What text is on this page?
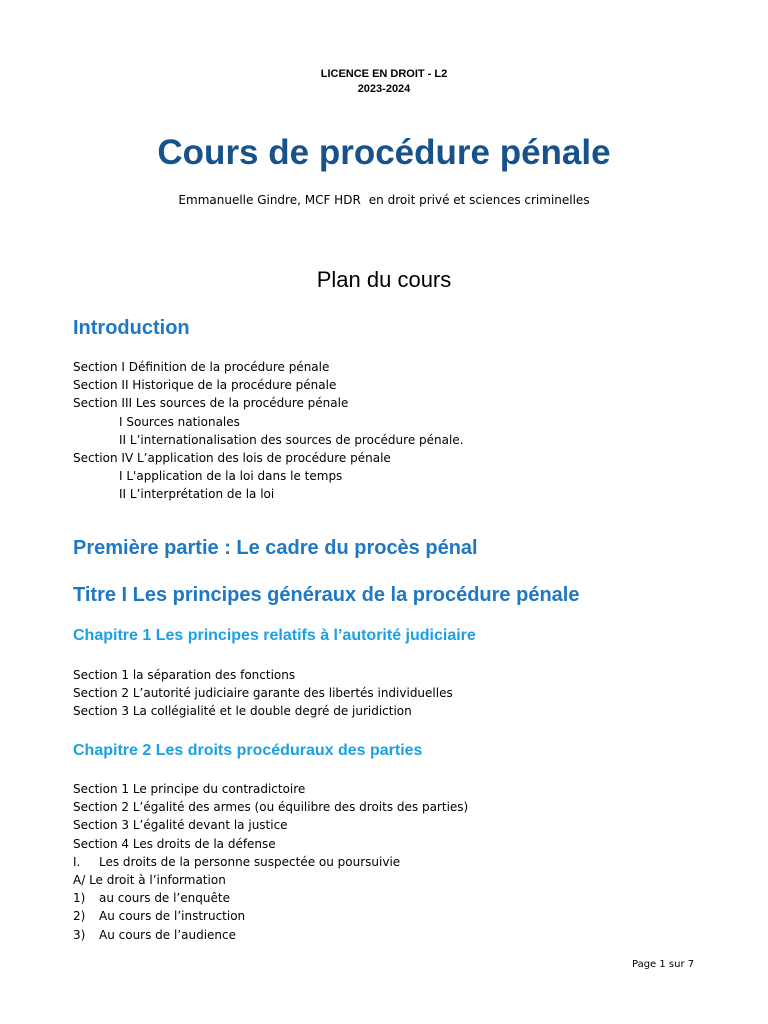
LICENCE EN DROIT - L2
2023-2024
Cours de procédure pénale
Emmanuelle Gindre, MCF HDR en droit privé et sciences criminelles
Plan du cours
Introduction
Section I Définition de la procédure pénale
Section II Historique de la procédure pénale
Section III Les sources de la procédure pénale
I Sources nationales
II L’internationalisation des sources de procédure pénale.
Section IV L’application des lois de procédure pénale
I L'application de la loi dans le temps
II L’interprétation de la loi
Première partie : Le cadre du procès pénal
Titre I Les principes généraux de la procédure pénale
Chapitre 1 Les principes relatifs à l’autorité judiciaire
Section 1 la séparation des fonctions
Section 2 L’autorité judiciaire garante des libertés individuelles
Section 3 La collégialité et le double degré de juridiction
Chapitre 2 Les droits procéduraux des parties
Section 1 Le principe du contradictoire
Section 2 L’égalité des armes (ou équilibre des droits des parties)
Section 3 L’égalité devant la justice
Section 4 Les droits de la défense
I. Les droits de la personne suspectée ou poursuivie
A/ Le droit à l’information
1) au cours de l’enquête
2) Au cours de l’instruction
3) Au cours de l’audience
Page 1 sur 7
